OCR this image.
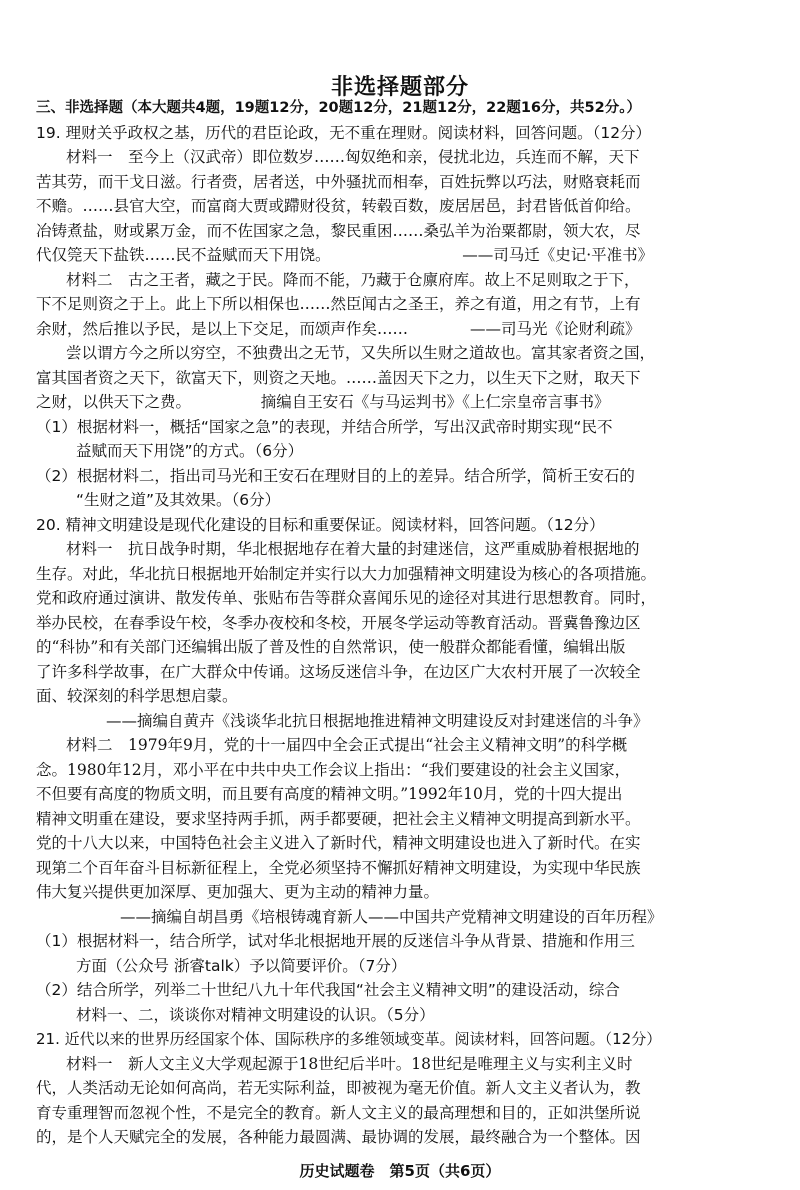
非选择题部分
三、非选择题（本大题共4题，19题12分，20题12分，21题12分，22题16分，共52分。）
19. 理财关乎政权之基，历代的君臣论政，无不重在理财。阅读材料，回答问题。（12分）
材料一　至今上（汉武帝）即位数岁……匈奴绝和亲，侵扰北边，兵连而不解，天下
苦其劳，而干戈日滋。行者赍，居者送，中外骚扰而相奉，百姓抏弊以巧法，财赂衰耗而
不赡。……县官大空，而富商大贾或蹛财役贫，转毂百数，废居居邑，封君皆低首仰给。
冶铸煮盐，财或累万金，而不佐国家之急，黎民重困……桑弘羊为治粟都尉，领大农，尽
代仅筦天下盐铁……民不益赋而天下用饶。　　　　　　　　　——司马迁《史记·平准书》
材料二　古之王者，藏之于民。降而不能，乃藏于仓廪府库。故上不足则取之于下，
下不足则资之于上。此上下所以相保也……然臣闻古之圣王，养之有道，用之有节，上有
余财，然后推以予民，是以上下交足，而颂声作矣……　　　　——司马光《论财利疏》
尝以谓方今之所以穷空，不独费出之无节，又失所以生财之道故也。富其家者资之国，
富其国者资之天下，欲富天下，则资之天地。……盖因天下之力，以生天下之财，取天下
之财，以供天下之费。　　　　　摘编自王安石《与马运判书》《上仁宗皇帝言事书》
（1）根据材料一，概括“国家之急”的表现，并结合所学，写出汉武帝时期实现“民不
益赋而天下用饶”的方式。（6分）
（2）根据材料二，指出司马光和王安石在理财目的上的差异。结合所学，简析王安石的
“生财之道”及其效果。（6分）
20. 精神文明建设是现代化建设的目标和重要保证。阅读材料，回答问题。（12分）
材料一　抗日战争时期，华北根据地存在着大量的封建迷信，这严重威胁着根据地的
生存。对此，华北抗日根据地开始制定并实行以大力加强精神文明建设为核心的各项措施。
党和政府通过演讲、散发传单、张贴布告等群众喜闻乐见的途径对其进行思想教育。同时，
举办民校，在春季设午校，冬季办夜校和冬校，开展冬学运动等教育活动。晋冀鲁豫边区
的“科协”和有关部门还编辑出版了普及性的自然常识，使一般群众都能看懂，编辑出版
了许多科学故事，在广大群众中传诵。这场反迷信斗争，在边区广大农村开展了一次较全
面、较深刻的科学思想启蒙。
——摘编自黄卉《浅谈华北抗日根据地推进精神文明建设反对封建迷信的斗争》
材料二　1979年9月，党的十一届四中全会正式提出“社会主义精神文明”的科学概
念。1980年12月，邓小平在中共中央工作会议上指出：“我们要建设的社会主义国家，
不但要有高度的物质文明，而且要有高度的精神文明。”1992年10月，党的十四大提出
精神文明重在建设，要求坚持两手抓，两手都要硬，把社会主义精神文明提高到新水平。
党的十八大以来，中国特色社会主义进入了新时代，精神文明建设也进入了新时代。在实
现第二个百年奋斗目标新征程上，全党必须坚持不懈抓好精神文明建设，为实现中华民族
伟大复兴提供更加深厚、更加强大、更为主动的精神力量。
——摘编自胡昌勇《培根铸魂育新人——中国共产党精神文明建设的百年历程》
（1）根据材料一，结合所学，试对华北根据地开展的反迷信斗争从背景、措施和作用三
方面（公众号 浙睿talk）予以简要评价。（7分）
（2）结合所学，列举二十世纪八九十年代我国“社会主义精神文明”的建设活动，综合
材料一、二，谈谈你对精神文明建设的认识。（5分）
21. 近代以来的世界历经国家个体、国际秩序的多维领域变革。阅读材料，回答问题。（12分）
材料一　新人文主义大学观起源于18世纪后半叶。18世纪是唯理主义与实利主义时
代，人类活动无论如何高尚，若无实际利益，即被视为毫无价值。新人文主义者认为，教
育专重理智而忽视个性，不是完全的教育。新人文主义的最高理想和目的，正如洪堡所说
的，是个人天赋完全的发展，各种能力最圆满、最协调的发展，最终融合为一个整体。因
历史试题卷　第5页（共6页）
